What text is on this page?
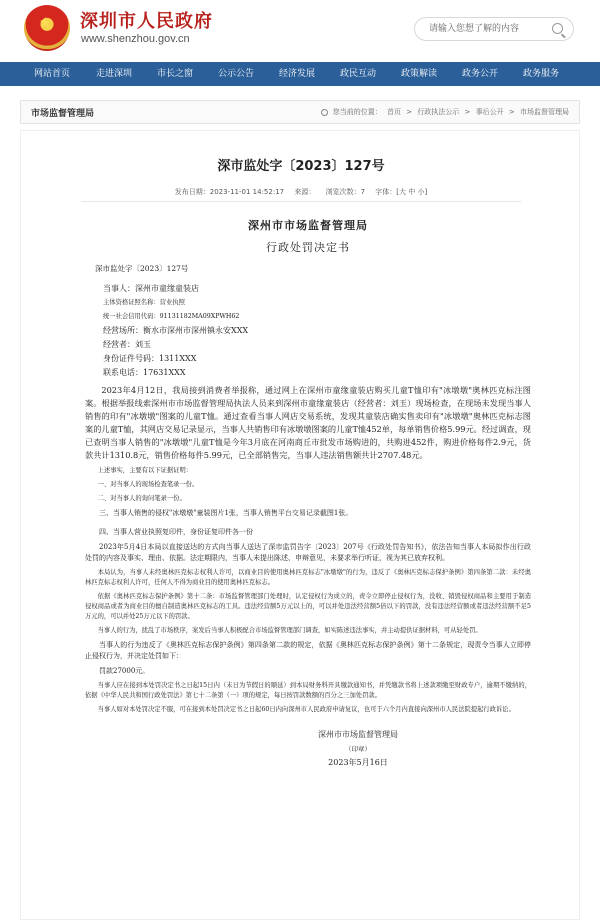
★ 深圳市人民政府
www.shenzhou.gov.cn
请输入您想了解的内容
网站首页	走进深圳	市长之窗	公示公告	经济发展	政民互动	政策解读	政务公开	政务服务
市场监督管理局	您当前的位置： 首页 > 行政执法公示 > 事后公开 > 市场监督管理局
深市监处字〔2023〕127号
发布日期：2023-11-01 14:52:17 来源： 浏览次数：7 字体：[大 中 小]
深州市市场监督管理局
行政处罚决定书
深市监处字〔2023〕127号
当事人：深州市童缘童装店
主体资格证照名称：营业执照
统一社会信用代码：91131182MA09XPWH62
经营场所：衡水市深州市深州镇永安XXX
经营者：刘玉
身份证件号码：1311XXX
联系电话：17631XXX
2023年4月12日，我局接到消费者举报称，通过网上在深州市童缘童装店购买儿童T恤印有"冰墩墩"奥林匹克标注图案。根据举报线索深州市市场监督管理局执法人员来到深州市童缘童装店（经营者：刘玉）现场检查，在现场未发现当事人销售的印有"冰墩墩"图案的儿童T恤。通过查看当事人网店交易系统，发现其童装店确实售卖印有"冰墩墩"奥林匹克标志图案的儿童T恤，其网店交易记录显示，当事人共销售印有冰墩墩图案的儿童T恤452单，每单销售价格5.99元。经过调查，现已查明当事人销售的"冰墩墩"儿童T恤是今年3月底在河南商丘市批发市场购进的，共购进452件，购进价格每件2.9元，货款共计1310.8元，销售价格每件5.99元，已全部销售完，当事人违法销售额共计2707.48元。
上述事实，主要有以下证据证明：
一、对当事人的现场检查笔录一份。
二、对当事人的询问笔录一份。
三、当事人销售的侵权"冰墩墩"童装图片1张，当事人销售平台交易记录截图1张。
四、当事人营业执照复印件，身份证复印件各一份
2023年5月4日本局以直接送达的方式向当事人送达了深市监罚告字〔2023〕207号《行政处罚告知书》，依法告知当事人本局拟作出行政处罚的内容及事实、理由、依据。法定期限内，当事人未提出陈述、申辩意见，未要求举行听证，视为其已放弃权利。
本局认为，当事人未经奥林匹克标志权利人许可，以商业目的使用奥林匹克标志"冰墩墩"的行为，违反了《奥林匹克标志保护条例》第四条第二款：未经奥林匹克标志权利人许可，任何人不得为商业目的使用奥林匹克标志。
依据《奥林匹克标志保护条例》第十二条：市场监督管理部门处理时，认定侵权行为成立的，责令立即停止侵权行为，没收、销毁侵权商品和主要用于制造侵权商品或者为商业目的擅自制造奥林匹克标志的工具。违法经营额5万元以上的，可以并处违法经营额5倍以下的罚款，没有违法经营额或者违法经营额不足5万元的，可以并处25万元以下的罚款。
当事人的行为，扰乱了市场秩序，案发后当事人积极配合市场监督管理部门调查，如实陈述违法事实，并主动提供证据材料，可从轻处罚。
当事人的行为违反了《奥林匹克标志保护条例》第四条第二款的规定，依据《奥林匹克标志保护条例》第十二条规定，现责令当事人立即停止侵权行为，并决定处罚如下：
罚款27000元。
当事人应在接到本处罚决定书之日起15日内（末日为节假日的顺延）到本局财务科开具缴款通知书，并凭缴款书将上述款项缴至财政专户，逾期不缴纳的，依据《中华人民共和国行政处罚法》第七十二条第（一）项的规定，每日按罚款数额的百分之三加处罚款。
当事人如对本处罚决定不服，可在接到本处罚决定书之日起60日内向深州市人民政府申请复议，也可于六个月内直接向深州市人民法院提起行政诉讼。
深州市市场监督管理局
（印章）
2023年5月16日
